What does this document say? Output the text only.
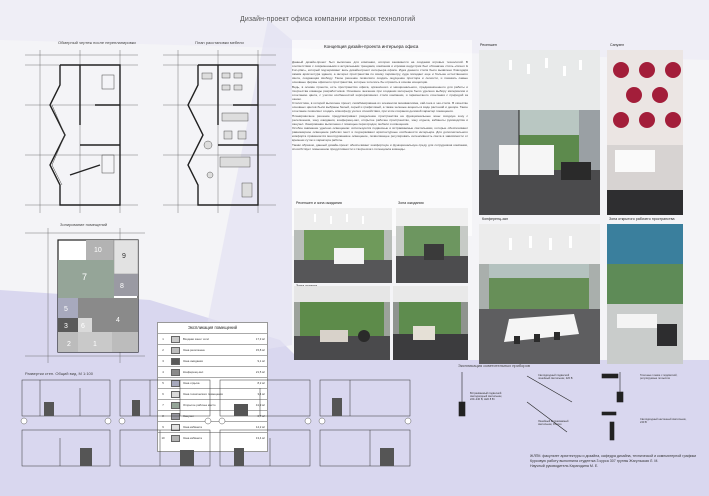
Дизайн-проект офиса компании игровых технологий
Обмерный чертеж после перепланировки	План расстановки мебели
Зонирование помещений
1
2
3
4
5
6
7
8
9
10
Экспликация помещений
1	Входная зона / холл	17,3 м²
2	Зона ресепшена	15,8 м²
3	Зона ожидания	9,1 м²
4	Конференц-зал	21,5 м²
5	Зона отдыха	8,2 м²
6	Зона технического помещения	3,4 м²
7	Открытое рабочее место	41,9 м²
8	Санузел	6,7 м²
9	Зона кабинета	14,2 м²
10	Зона кабинета	13,4 м²
Концепция дизайн-проекта интерьера офиса

Данный дизайн-проект был выполнен для компании, которая занимается на создании игровых технологий. В соответствии с современными и актуальными трендами, компания и игровая индустрия был обозначен стиль «Green & Fun-plan», который подчеркивает весь дизайн-проект интерьера офиса. Идея данного стиля было выявлено благодаря самим архитектура здания, а интерес пространства по всему периметру, куда попадает еще и больше естественного света, создающая свободу. Такое решение позволило создать ощущение простора и легкости, и показать самые основные формы офисного пространства, которые хотелось бы отразить в основе концепции.

Ведь, в основе проекта, есть пространство офиса, органичного и эмоционального, предназначенного для работы и творчества команды разработчиков. Основное значение при создании интерьера было уделено выбору материалов и сочетанию цвета, с учетом особенностей корпоративного стиля компании, и гармоничного сочетания с природой за окном.

Стилистика, в которой выполнен проект, скомбинирована из элементов минимализма, хай-тека и эко-стиля. В качестве основных цветов были выбраны белый, серый и графитовый, а также зеленые акценты в виде растений и декора. Такое сочетание позволяет создать атмосферу уюта и спокойствия, при этом сохраняя деловой характер помещения.

Планировочное решение предусматривает разделение пространства на функциональные зоны: входную зону с ресепшеном, зону ожидания, конференц-зал, открытое рабочее пространство, зону отдыха, кабинеты руководства и санузел. Зонирование выполнено с помощью перегородок, мебели и освещения.

Особое внимание уделено освещению: используются подвесные и встраиваемые светильники, которые обеспечивают равномерное освещение рабочих мест и подчеркивают архитектурные особенности интерьера. Для дополнительного комфорта применяется многоуровневое освещение, позволяющее регулировать интенсивность света в зависимости от времени суток и характера работы.

Таким образом, данный дизайн-проект обеспечивает комфортную и функциональную среду для сотрудников компании, способствует повышению продуктивности и творческого потенциала команды.

Ресепшен	Санузел
Ресепшен и зона ожидания	Зона ожидания
Конференц-зал	Зона открытого рабочего пространства
Развертки стен. Общий вид. М 1:100
Экспликация осветительных приборов
Встраиваемый подвесной светодиодный светильник, 220–240 В, LED 8 Вт
Светодиодный подвесной линейный светильник, 220 В
Линейный встраиваемый светильник, Россия
Точечные тонкие с подсветкой, регулируемые по высоте
Светодиодный настенный светильник, 240 В
ЖЛПК: факультет архитектуры и дизайна, кафедра дизайна, технической и компьютерной графики
Курсовую работу выполнила студентка 3 курса 307 группы Жагульская Л. М.
Научный руководитель Карагодина М. Е.
